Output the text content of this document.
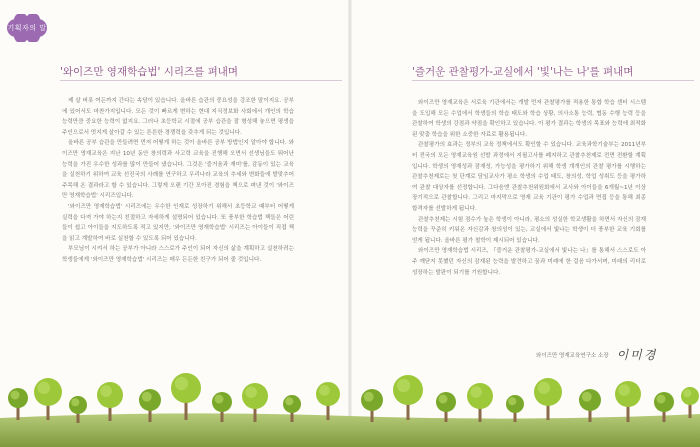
기획자의 말
'와이즈만 영재학습법' 시리즈를 펴내며

제 살 버릇 여든까지 간다는 속담이 있습니다. 올바른 습관의 중요성을 강조한 말이지요. 공부에 있어서도 마찬가지입니다. 모든 것이 빠르게 변하는 현대 지식정보화 사회에서 개인의 학습 능력만큼 중요한 능력이 없지요. 그러나 초등학교 시절에 공부 습관을 잘 형성해 놓으면 평생을 주인으로서 멋지게 살아갈 수 있는 튼튼한 경쟁력을 갖추게 되는 것입니다.

올바른 공부 습관을 만들려면 먼저 어떻게 하는 것이 올바른 공부 방법인지 알아야 합니다. 와이즈만 영재교육은 지난 10년 동안 창의력과 사고력 교육을 진행해 오면서 선생님들도 뛰어난 능력을 가진 우수한 성과를 많이 만들어 냈습니다. 그것은 '즐거움과 재미'를, 감동이 있는 교육을 실천하기 위하여 교육 선진국의 사례를 연구하고 우리나라 교육의 추세와 변화들에 발맞추어 주목해 온 결과라고 할 수 있습니다. 그렇게 오랜 기간 모아진 경험을 책으로 펴낸 것이 '와이즈만 영재학습법' 시리즈입니다.

'와이즈만 영재학습법' 시리즈에는 우수한 인재로 성장하기 위해서 초등학교 때부터 어떻게 실력을 다져 가야 하는지 친절하고 자세하게 설명되어 있습니다. 또 풍부한 학습법 책들은 어린들이 쉽고 아이들을 지도하도록 적고 있지만, '와이즈만 영재학습법' 시리즈는 아이들이 직접 책을 읽고 계발하여 바로 실천할 수 있도록 되어 있습니다.

부모님이 시켜서 하는 공부가 아니라 스스로가 주인이 되어 자신의 삶을 계획하고 실천하려는 학생들에게 '와이즈만 영재학습법' 시리즈는 매우 든든한 친구가 되어 줄 것입니다.

'즐거운 관찰평가-교실에서 '빛'나는 나'를 펴내며

와이즈만 영재교육은 서로육 기관에서는 개발 먼저 관찰평가를 적용한 통합 학습 센터 시스템을 도입해 모든 수업에서 학생들의 학습 태도와 학습 상황, 의사소통 능력, 협동 수행 능력 등을 관찰하여 학생의 강점과 약점을 확인하고 있습니다. 이 평가 결과는 학생의 목표와 능력에 최적화된 맞춤 학습을 위한 소중한 자료로 활용됩니다.

관찰평가의 효과는 정부의 교육 정책에서도 확인할 수 있습니다. 교육과학기술부는 2011년부터 전국의 모든 영재교육원 선발 과정에서 지필고사를 폐지하고 관찰추천제로 전면 전환할 계획입니다. 학생의 영재성과 잠재성, 가능성을 평가하기 위해 학생 개개인의 관찰 평가를 시행하는 관찰추천제로는 첫 단계로 담임교사가 평소 학생의 수업 태도, 창의성, 학업 성취도 등을 평가하여 관찰 대상자를 선정합니다. 그다음엔 관찰추천위원회에서 교사와 아이들을 6개월~1년 이상 장기적으로 관찰합니다. 그리고 마지막으로 영재 교육 기관이 평가 수업과 면접 등을 통해 최종 합격자를 선발하게 됩니다.

관찰추천제는 시험 점수가 높은 학생이 아니라, 평소의 성실한 학교생활을 하면서 자신의 잠재 능력을 꾸준히 키워온 자신감과 창의성이 있는, 교실에서 빛나는 학생이 더 풍부한 교육 기회를 얻게 됩니다. 올바른 평가 철학이 제시되어 있습니다.

와이즈만 영재학습법 시리즈, 『즐거운 관찰평가-교실에서 빛나는 나』를 통해서 스스로도 아주 깨닫지 못했던 자신의 잠재된 능력을 발견하고 꿈과 미래에 한 걸음 다가서며, 미래의 리더로 성장하는 발판이 되기를 기원합니다.

와이즈만 영재교육연구소 소장 이미경
